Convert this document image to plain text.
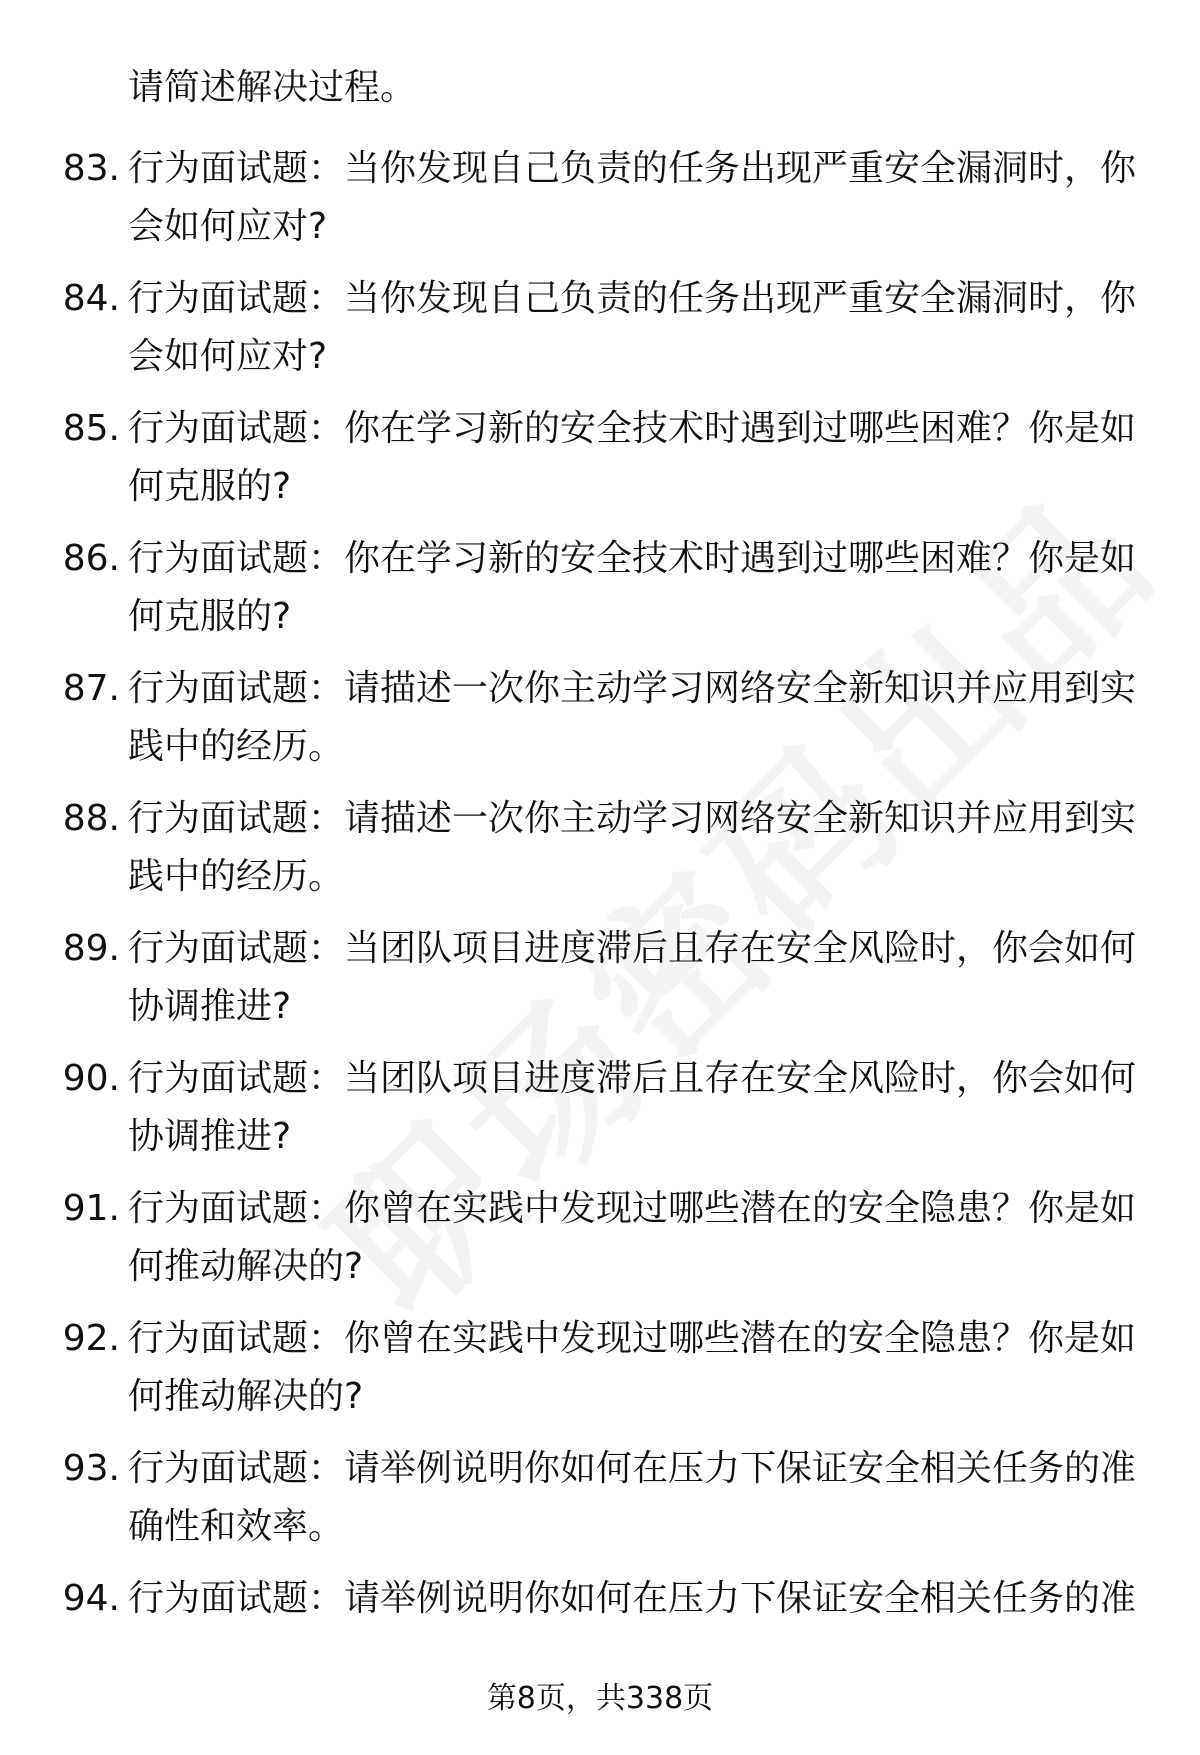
请简述解决过程。
83. 行为面试题：当你发现自己负责的任务出现严重安全漏洞时，你会如何应对?
84. 行为面试题：当你发现自己负责的任务出现严重安全漏洞时，你会如何应对?
85. 行为面试题：你在学习新的安全技术时遇到过哪些困难？你是如何克服的?
86. 行为面试题：你在学习新的安全技术时遇到过哪些困难？你是如何克服的?
87. 行为面试题：请描述一次你主动学习网络安全新知识并应用到实践中的经历。
88. 行为面试题：请描述一次你主动学习网络安全新知识并应用到实践中的经历。
89. 行为面试题：当团队项目进度滞后且存在安全风险时，你会如何协调推进?
90. 行为面试题：当团队项目进度滞后且存在安全风险时，你会如何协调推进?
91. 行为面试题：你曾在实践中发现过哪些潜在的安全隐患？你是如何推动解决的?
92. 行为面试题：你曾在实践中发现过哪些潜在的安全隐患？你是如何推动解决的?
93. 行为面试题：请举例说明你如何在压力下保证安全相关任务的准确性和效率。
94. 行为面试题：请举例说明你如何在压力下保证安全相关任务的准
第8页，共338页
